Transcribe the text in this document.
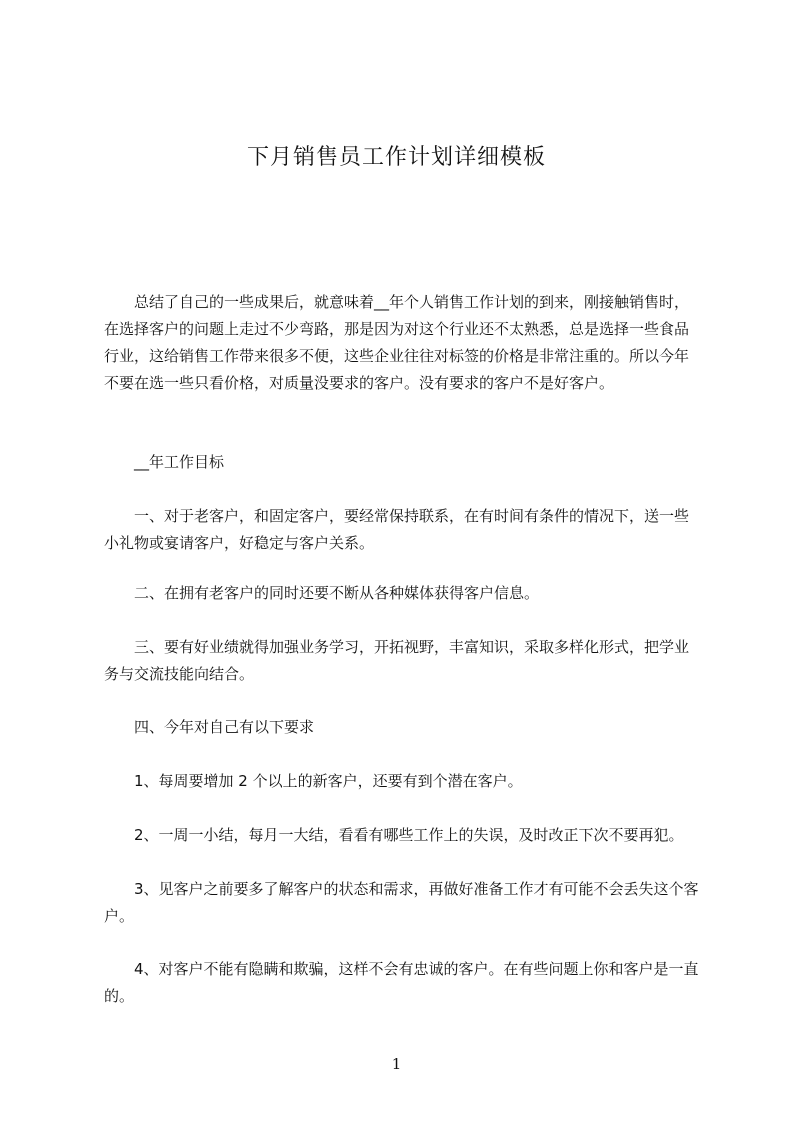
下月销售员工作计划详细模板

总结了自己的一些成果后，就意味着__年个人销售工作计划的到来，刚接触销售时，在选择客户的问题上走过不少弯路，那是因为对这个行业还不太熟悉，总是选择一些食品行业，这给销售工作带来很多不便，这些企业往往对标签的价格是非常注重的。所以今年不要在选一些只看价格，对质量没要求的客户。没有要求的客户不是好客户。

__年工作目标

一、对于老客户，和固定客户，要经常保持联系，在有时间有条件的情况下，送一些小礼物或宴请客户，好稳定与客户关系。

二、在拥有老客户的同时还要不断从各种媒体获得客户信息。

三、要有好业绩就得加强业务学习，开拓视野，丰富知识，采取多样化形式，把学业务与交流技能向结合。

四、今年对自己有以下要求

1、每周要增加 2 个以上的新客户，还要有到个潜在客户。

2、一周一小结，每月一大结，看看有哪些工作上的失误，及时改正下次不要再犯。

3、见客户之前要多了解客户的状态和需求，再做好准备工作才有可能不会丢失这个客户。

4、对客户不能有隐瞒和欺骗，这样不会有忠诚的客户。在有些问题上你和客户是一直的。

1
